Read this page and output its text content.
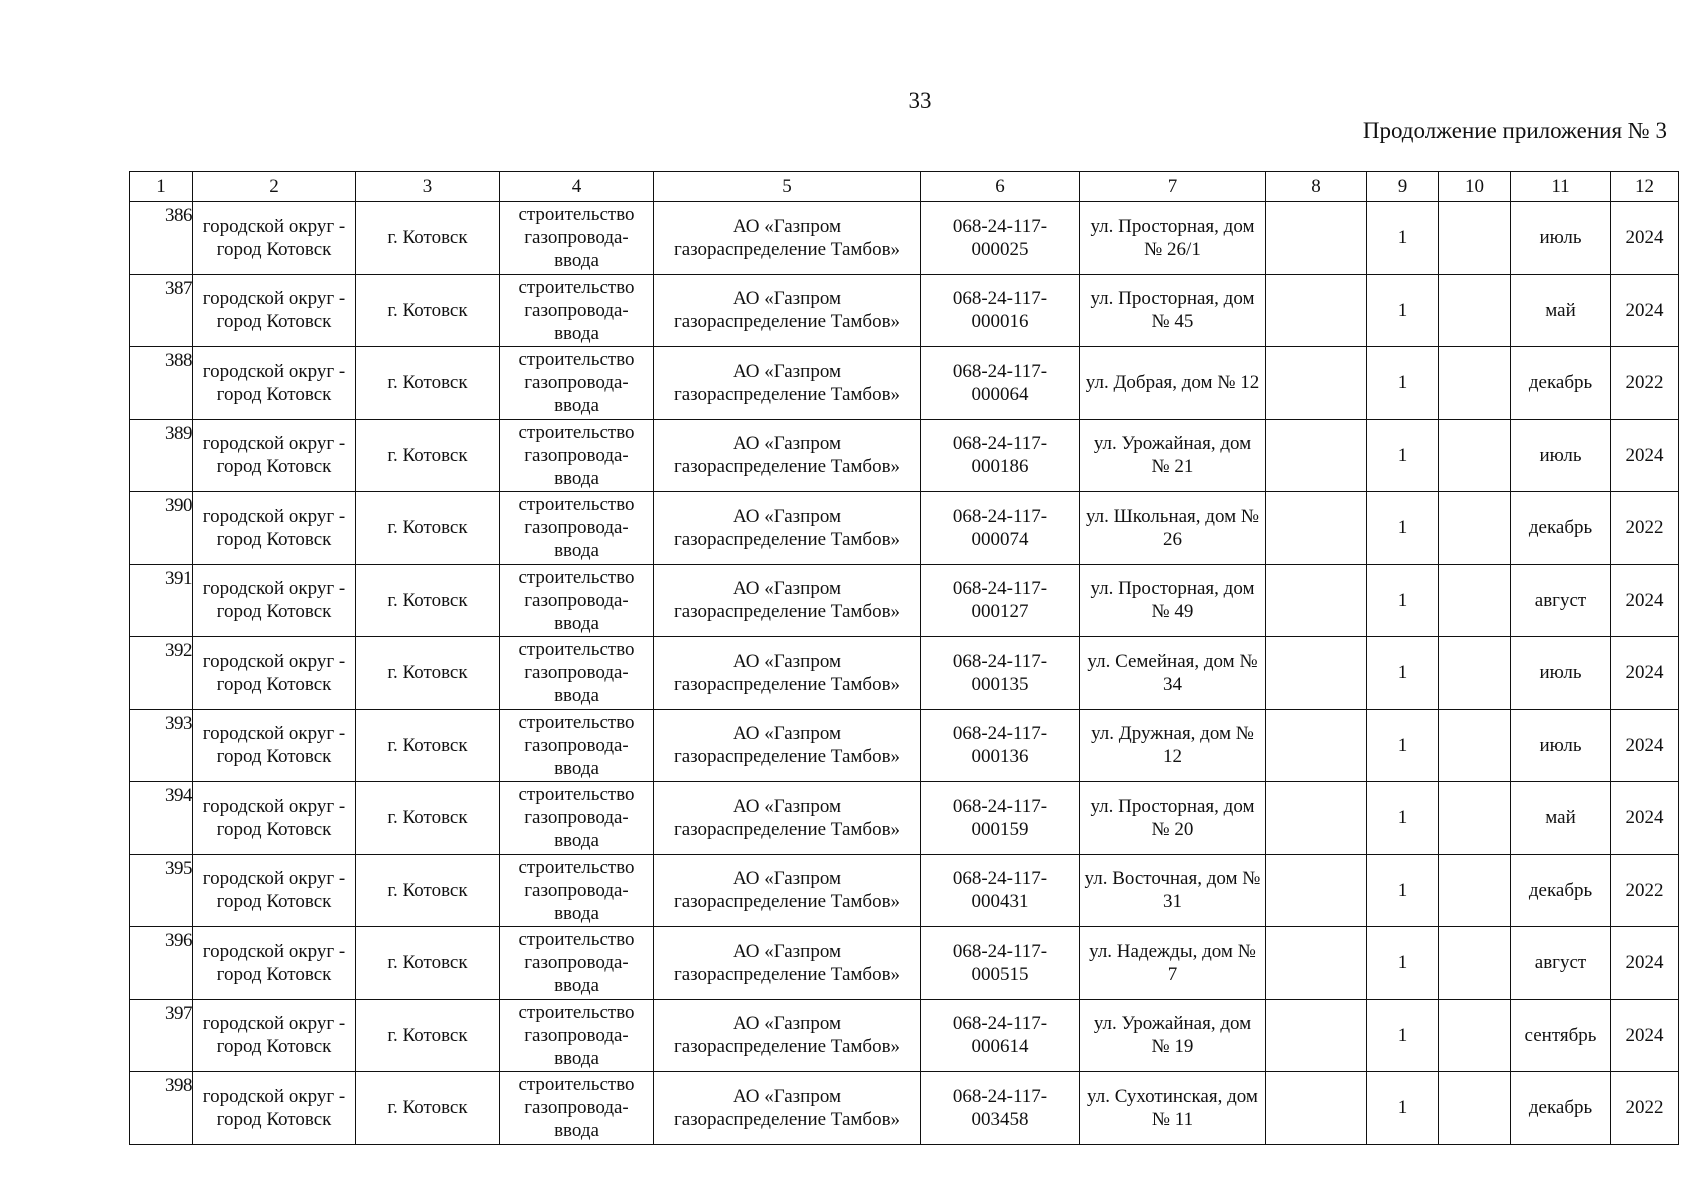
33
Продолжение приложения № 3
1	2	3	4	5	6	7	8	9	10	11	12
386	городской округ - город Котовск	г. Котовск	строительство газопровода-ввода	АО «Газпром газораспределение Тамбов»	068-24-117-000025	ул. Просторная, дом № 26/1		1		июль	2024
387	городской округ - город Котовск	г. Котовск	строительство газопровода-ввода	АО «Газпром газораспределение Тамбов»	068-24-117-000016	ул. Просторная, дом № 45		1		май	2024
388	городской округ - город Котовск	г. Котовск	строительство газопровода-ввода	АО «Газпром газораспределение Тамбов»	068-24-117-000064	ул. Добрая, дом № 12		1		декабрь	2022
389	городской округ - город Котовск	г. Котовск	строительство газопровода-ввода	АО «Газпром газораспределение Тамбов»	068-24-117-000186	ул. Урожайная, дом № 21		1		июль	2024
390	городской округ - город Котовск	г. Котовск	строительство газопровода-ввода	АО «Газпром газораспределение Тамбов»	068-24-117-000074	ул. Школьная, дом № 26		1		декабрь	2022
391	городской округ - город Котовск	г. Котовск	строительство газопровода-ввода	АО «Газпром газораспределение Тамбов»	068-24-117-000127	ул. Просторная, дом № 49		1		август	2024
392	городской округ - город Котовск	г. Котовск	строительство газопровода-ввода	АО «Газпром газораспределение Тамбов»	068-24-117-000135	ул. Семейная, дом № 34		1		июль	2024
393	городской округ - город Котовск	г. Котовск	строительство газопровода-ввода	АО «Газпром газораспределение Тамбов»	068-24-117-000136	ул. Дружная, дом № 12		1		июль	2024
394	городской округ - город Котовск	г. Котовск	строительство газопровода-ввода	АО «Газпром газораспределение Тамбов»	068-24-117-000159	ул. Просторная, дом № 20		1		май	2024
395	городской округ - город Котовск	г. Котовск	строительство газопровода-ввода	АО «Газпром газораспределение Тамбов»	068-24-117-000431	ул. Восточная, дом № 31		1		декабрь	2022
396	городской округ - город Котовск	г. Котовск	строительство газопровода-ввода	АО «Газпром газораспределение Тамбов»	068-24-117-000515	ул. Надежды, дом № 7		1		август	2024
397	городской округ - город Котовск	г. Котовск	строительство газопровода-ввода	АО «Газпром газораспределение Тамбов»	068-24-117-000614	ул. Урожайная, дом № 19		1		сентябрь	2024
398	городской округ - город Котовск	г. Котовск	строительство газопровода-ввода	АО «Газпром газораспределение Тамбов»	068-24-117-003458	ул. Сухотинская, дом № 11		1		декабрь	2022
